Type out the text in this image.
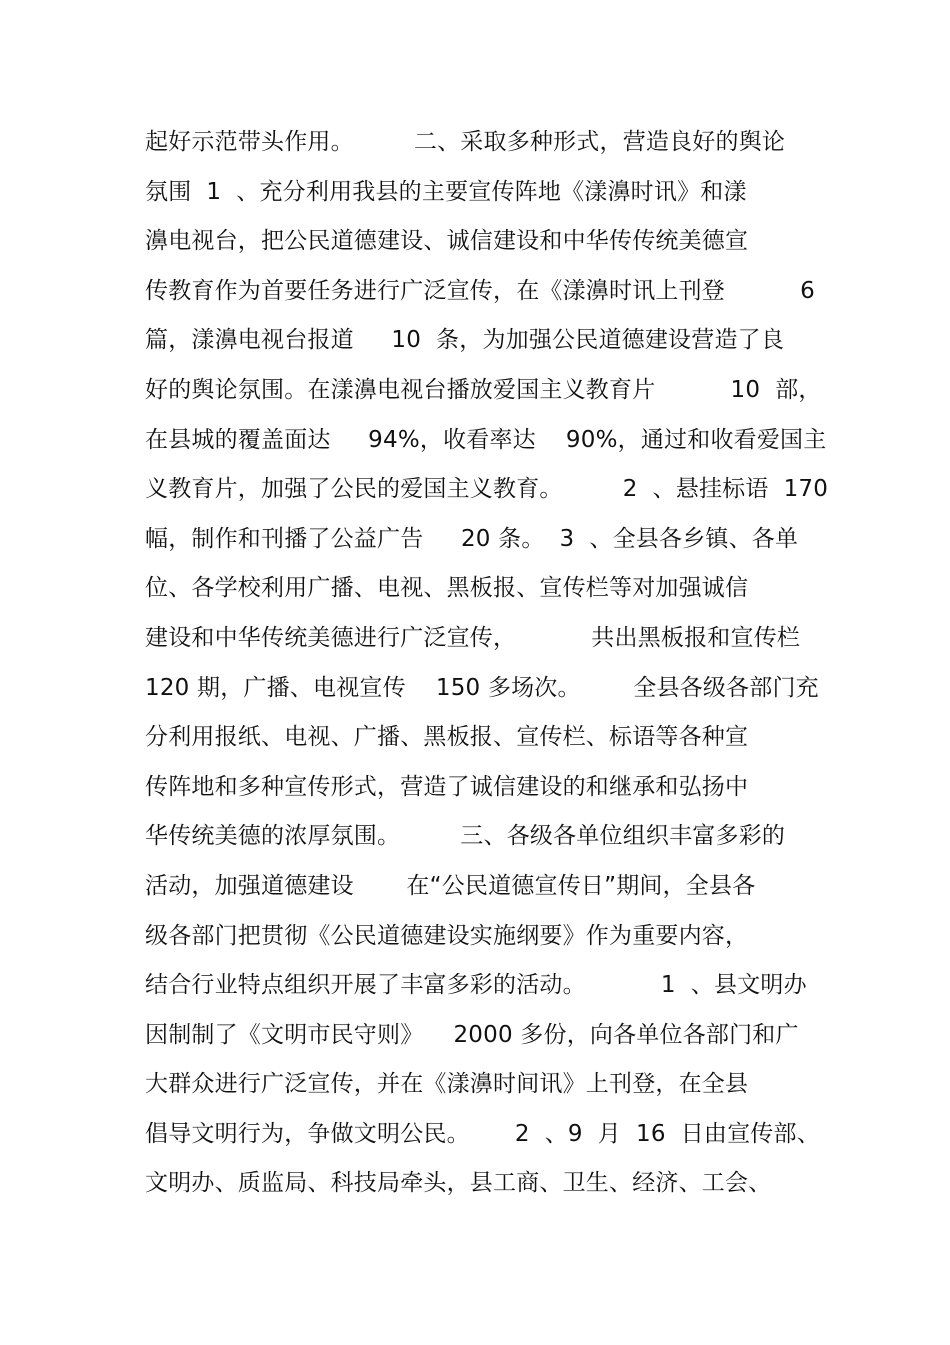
起好示范带头作用。        二、采取多种形式，营造良好的舆论
氛围  1  、充分利用我县的主要宣传阵地《漾濞时讯》和漾
濞电视台，把公民道德建设、诚信建设和中华传传统美德宣
传教育作为首要任务进行广泛宣传，在《漾濞时讯上刊登          6
篇，漾濞电视台报道     10  条，为加强公民道德建设营造了良
好的舆论氛围。在漾濞电视台播放爱国主义教育片          10  部，
在县城的覆盖面达     94%，收看率达    90%，通过和收看爱国主
义教育片，加强了公民的爱国主义教育。        2  、悬挂标语  170
幅，制作和刊播了公益广告     20 条。  3  、全县各乡镇、各单
位、各学校利用广播、电视、黑板报、宣传栏等对加强诚信
建设和中华传统美德进行广泛宣传，          共出黑板报和宣传栏
120 期，广播、电视宣传    150 多场次。       全县各级各部门充
分利用报纸、电视、广播、黑板报、宣传栏、标语等各种宣
传阵地和多种宣传形式，营造了诚信建设的和继承和弘扬中
华传统美德的浓厚氛围。        三、各级各单位组织丰富多彩的
活动，加强道德建设       在“公民道德宣传日”期间，全县各
级各部门把贯彻《公民道德建设实施纲要》作为重要内容，
结合行业特点组织开展了丰富多彩的活动。          1  、县文明办
因制制了《文明市民守则》    2000 多份，向各单位各部门和广
大群众进行广泛宣传，并在《漾濞时间讯》上刊登，在全县
倡导文明行为，争做文明公民。      2  、9  月  16  日由宣传部、
文明办、质监局、科技局牵头，县工商、卫生、经济、工会、
